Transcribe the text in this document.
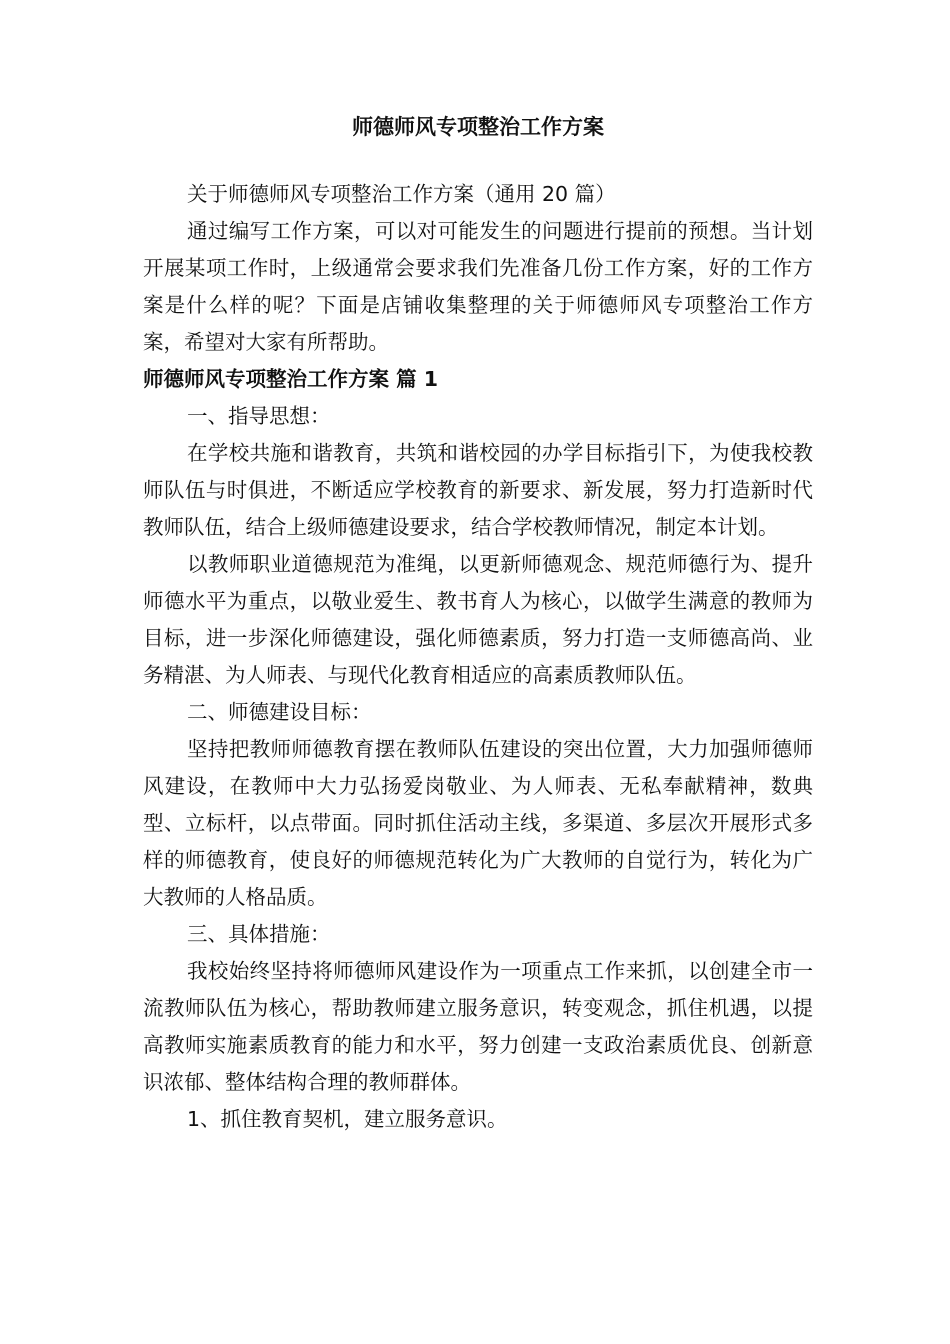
师德师风专项整治工作方案

关于师德师风专项整治工作方案（通用 20 篇）

通过编写工作方案，可以对可能发生的问题进行提前的预想。当计划开展某项工作时，上级通常会要求我们先准备几份工作方案，好的工作方案是什么样的呢？下面是店铺收集整理的关于师德师风专项整治工作方案，希望对大家有所帮助。

师德师风专项整治工作方案 篇 1

一、指导思想：

在学校共施和谐教育，共筑和谐校园的办学目标指引下，为使我校教师队伍与时俱进，不断适应学校教育的新要求、新发展，努力打造新时代教师队伍，结合上级师德建设要求，结合学校教师情况，制定本计划。

以教师职业道德规范为准绳，以更新师德观念、规范师德行为、提升师德水平为重点，以敬业爱生、教书育人为核心，以做学生满意的教师为目标，进一步深化师德建设，强化师德素质，努力打造一支师德高尚、业务精湛、为人师表、与现代化教育相适应的高素质教师队伍。

二、师德建设目标：

坚持把教师师德教育摆在教师队伍建设的突出位置，大力加强师德师风建设，在教师中大力弘扬爱岗敬业、为人师表、无私奉献精神，数典型、立标杆，以点带面。同时抓住活动主线，多渠道、多层次开展形式多样的师德教育，使良好的师德规范转化为广大教师的自觉行为，转化为广大教师的人格品质。

三、具体措施：

我校始终坚持将师德师风建设作为一项重点工作来抓，以创建全市一流教师队伍为核心，帮助教师建立服务意识，转变观念，抓住机遇，以提高教师实施素质教育的能力和水平，努力创建一支政治素质优良、创新意识浓郁、整体结构合理的教师群体。

1、抓住教育契机，建立服务意识。
